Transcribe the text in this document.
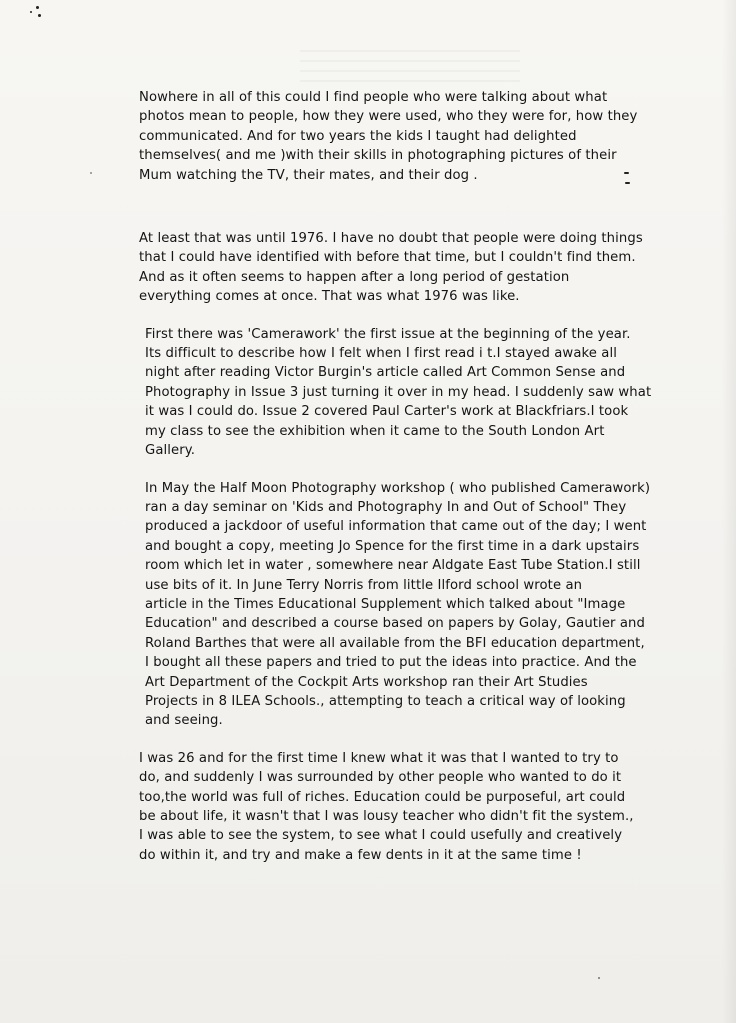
Nowhere in all of this could I find people who were talking about what
photos mean to people, how they were used, who they were for, how they
communicated. And for two years the kids I taught had delighted
themselves( and me )with their skills in photographing pictures of their
Mum watching the TV, their mates, and their dog .

At least that was until 1976. I have no doubt that people were doing things
that I could have identified with before that time, but I couldn't find them.
And as it often seems to happen after a long period of gestation
everything comes at once. That was what 1976 was like.

First there was 'Camerawork' the first issue at the beginning of the year.
Its difficult to describe how I felt when I first read i t.I stayed awake all
night after reading Victor Burgin's article called Art Common Sense and
Photography in Issue 3 just turning it over in my head. I suddenly saw what
it was I could do. Issue 2 covered Paul Carter's work at Blackfriars.I took
my class to see the exhibition when it came to the South London Art
Gallery.

In May the Half Moon Photography workshop ( who published Camerawork)
ran a day seminar on 'Kids and Photography In and Out of School" They
produced a jackdoor of useful information that came out of the day; I went
and bought a copy, meeting Jo Spence for the first time in a dark upstairs
room which let in water , somewhere near Aldgate East Tube Station.I still
use bits of it. In June Terry Norris from little Ilford school wrote an
article in the Times Educational Supplement which talked about "Image
Education" and described a course based on papers by Golay, Gautier and
Roland Barthes that were all available from the BFI education department,
I bought all these papers and tried to put the ideas into practice. And the
Art Department of the Cockpit Arts workshop ran their Art Studies
Projects in 8 ILEA Schools., attempting to teach a critical way of looking
and seeing.

I was 26 and for the first time I knew what it was that I wanted to try to
do, and suddenly I was surrounded by other people who wanted to do it
too,the world was full of riches. Education could be purposeful, art could
be about life, it wasn't that I was lousy teacher who didn't fit the system.,
I was able to see the system, to see what I could usefully and creatively
do within it, and try and make a few dents in it at the same time !
